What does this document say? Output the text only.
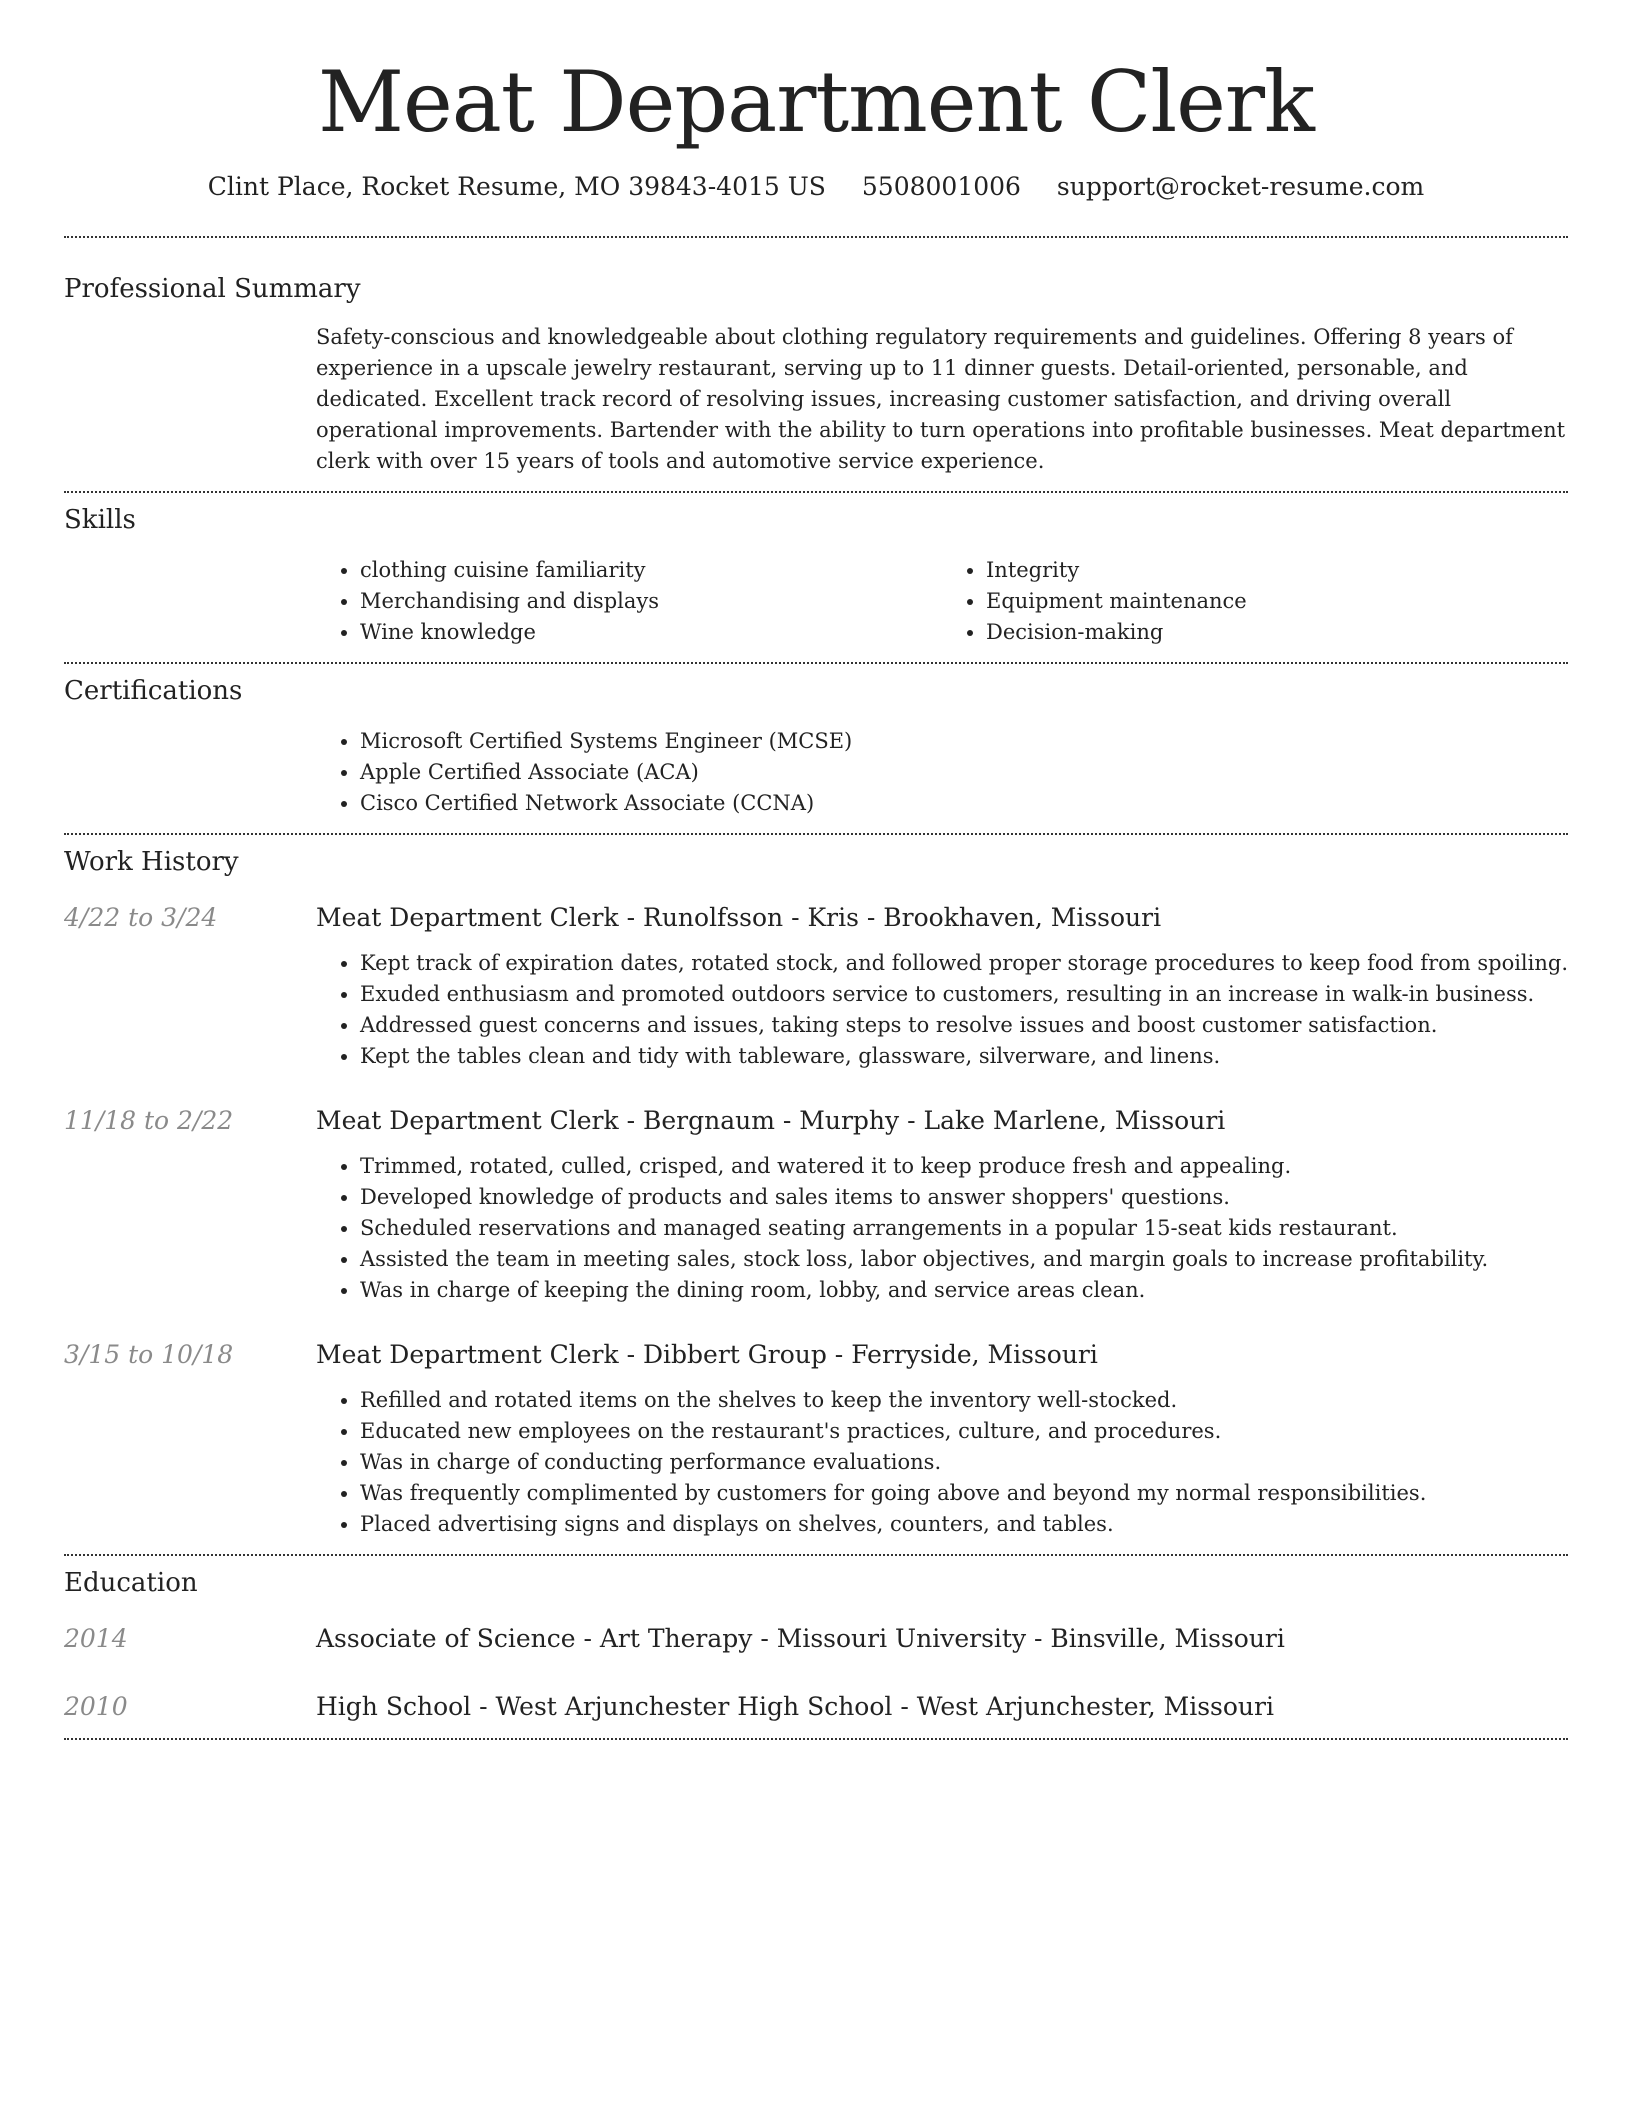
Meat Department Clerk
Clint Place, Rocket Resume, MO 39843-4015 US 5508001006 support@rocket-resume.com
Professional Summary
Safety-conscious and knowledgeable about clothing regulatory requirements and guidelines. Offering 8 years of experience in a upscale jewelry restaurant, serving up to 11 dinner guests. Detail-oriented, personable, and dedicated. Excellent track record of resolving issues, increasing customer satisfaction, and driving overall operational improvements. Bartender with the ability to turn operations into profitable businesses. Meat department clerk with over 15 years of tools and automotive service experience.
Skills
• clothing cuisine familiarity
• Merchandising and displays
• Wine knowledge
• Integrity
• Equipment maintenance
• Decision-making
Certifications
• Microsoft Certified Systems Engineer (MCSE)
• Apple Certified Associate (ACA)
• Cisco Certified Network Associate (CCNA)
Work History
4/22 to 3/24	Meat Department Clerk - Runolfsson - Kris - Brookhaven, Missouri
• Kept track of expiration dates, rotated stock, and followed proper storage procedures to keep food from spoiling.
• Exuded enthusiasm and promoted outdoors service to customers, resulting in an increase in walk-in business.
• Addressed guest concerns and issues, taking steps to resolve issues and boost customer satisfaction.
• Kept the tables clean and tidy with tableware, glassware, silverware, and linens.
11/18 to 2/22	Meat Department Clerk - Bergnaum - Murphy - Lake Marlene, Missouri
• Trimmed, rotated, culled, crisped, and watered it to keep produce fresh and appealing.
• Developed knowledge of products and sales items to answer shoppers' questions.
• Scheduled reservations and managed seating arrangements in a popular 15-seat kids restaurant.
• Assisted the team in meeting sales, stock loss, labor objectives, and margin goals to increase profitability.
• Was in charge of keeping the dining room, lobby, and service areas clean.
3/15 to 10/18	Meat Department Clerk - Dibbert Group - Ferryside, Missouri
• Refilled and rotated items on the shelves to keep the inventory well-stocked.
• Educated new employees on the restaurant's practices, culture, and procedures.
• Was in charge of conducting performance evaluations.
• Was frequently complimented by customers for going above and beyond my normal responsibilities.
• Placed advertising signs and displays on shelves, counters, and tables.
Education
2014	Associate of Science - Art Therapy - Missouri University - Binsville, Missouri
2010	High School - West Arjunchester High School - West Arjunchester, Missouri
